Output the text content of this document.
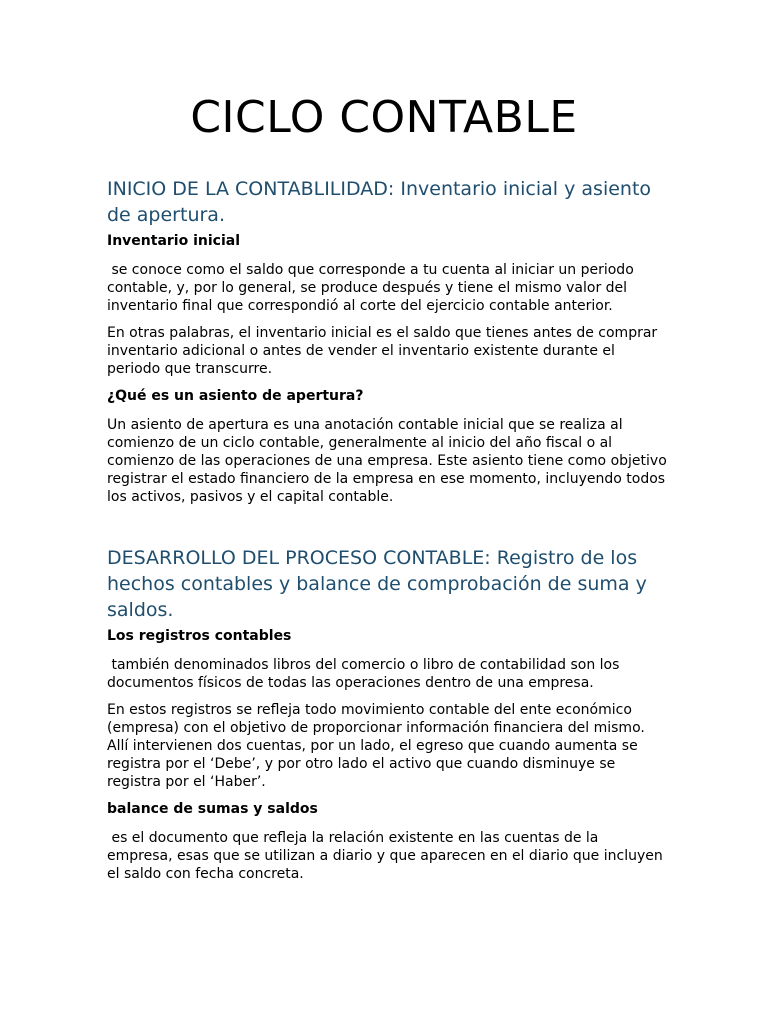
CICLO CONTABLE
INICIO DE LA CONTABLILIDAD: Inventario inicial y asiento de apertura.
Inventario inicial

se conoce como el saldo que corresponde a tu cuenta al iniciar un periodo contable, y, por lo general, se produce después y tiene el mismo valor del inventario final que correspondió al corte del ejercicio contable anterior.

En otras palabras, el inventario inicial es el saldo que tienes antes de comprar inventario adicional o antes de vender el inventario existente durante el periodo que transcurre.

¿Qué es un asiento de apertura?

Un asiento de apertura es una anotación contable inicial que se realiza al comienzo de un ciclo contable, generalmente al inicio del año fiscal o al comienzo de las operaciones de una empresa. Este asiento tiene como objetivo registrar el estado financiero de la empresa en ese momento, incluyendo todos los activos, pasivos y el capital contable.

DESARROLLO DEL PROCESO CONTABLE: Registro de los hechos contables y balance de comprobación de suma y saldos.
Los registros contables

también denominados libros del comercio o libro de contabilidad son los documentos físicos de todas las operaciones dentro de una empresa.

En estos registros se refleja todo movimiento contable del ente económico (empresa) con el objetivo de proporcionar información financiera del mismo. Allí intervienen dos cuentas, por un lado, el egreso que cuando aumenta se registra por el ‘Debe’, y por otro lado el activo que cuando disminuye se registra por el ‘Haber’.

balance de sumas y saldos

es el documento que refleja la relación existente en las cuentas de la empresa, esas que se utilizan a diario y que aparecen en el diario que incluyen el saldo con fecha concreta.
